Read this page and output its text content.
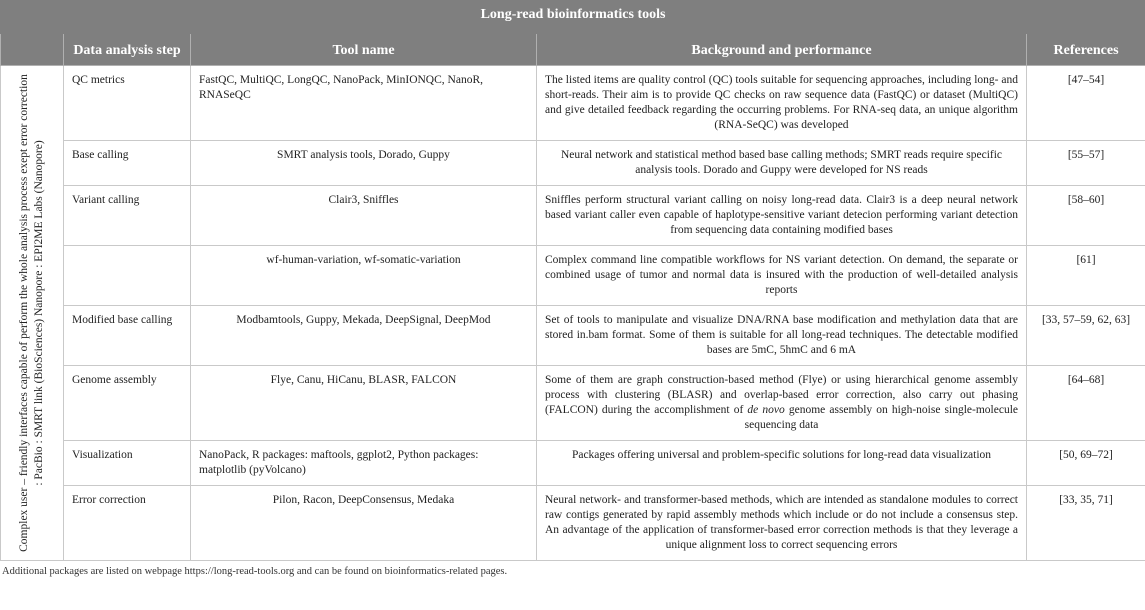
Long-read bioinformatics tools				
	Data analysis step	Tool name	Background and performance	References

Complex user – friendly interfaces capable of perform the whole analysis process exept error correction : PacBio : SMRT link (BioSciences) Nanopore : EPI2ME Labs (Nanopore)	QC metrics	FastQC, MultiQC, LongQC, NanoPack, MinIONQC, NanoR, RNASeQC	The listed items are quality control (QC) tools suitable for sequencing approaches, including long- and short-reads. Their aim is to provide QC checks on raw sequence data (FastQC) or dataset (MultiQC) and give detailed feedback regarding the occurring problems. For RNA-seq data, an unique algorithm (RNA-SeQC) was developed	[47–54]
	Base calling	SMRT analysis tools, Dorado, Guppy	Neural network and statistical method based base calling methods; SMRT reads require specific analysis tools. Dorado and Guppy were developed for NS reads	[55–57]
	Variant calling	Clair3, Sniffles	Sniffles perform structural variant calling on noisy long-read data. Clair3 is a deep neural network based variant caller even capable of haplotype-sensitive variant detecion performing variant detection from sequencing data containing modified bases	[58–60]
		wf-human-variation, wf-somatic-variation	Complex command line compatible workflows for NS variant detection. On demand, the separate or combined usage of tumor and normal data is insured with the production of well-detailed analysis reports	[61]
	Modified base calling	Modbamtools, Guppy, Mekada, DeepSignal, DeepMod	Set of tools to manipulate and visualize DNA/RNA base modification and methylation data that are stored in.bam format. Some of them is suitable for all long-read techniques. The detectable modified bases are 5mC, 5hmC and 6 mA	[33, 57–59, 62, 63]
	Genome assembly	Flye, Canu, HiCanu, BLASR, FALCON	Some of them are graph construction-based method (Flye) or using hierarchical genome assembly process with clustering (BLASR) and overlap-based error correction, also carry out phasing (FALCON) during the accomplishment of de novo genome assembly on high-noise single-molecule sequencing data	[64–68]
	Visualization	NanoPack, R packages: maftools, ggplot2, Python packages: matplotlib (pyVolcano)	Packages offering universal and problem-specific solutions for long-read data visualization	[50, 69–72]
	Error correction	Pilon, Racon, DeepConsensus, Medaka	Neural network- and transformer-based methods, which are intended as standalone modules to correct raw contigs generated by rapid assembly methods which include or do not include a consensus step. An advantage of the application of transformer-based error correction methods is that they leverage a unique alignment loss to correct sequencing errors	[33, 35, 71]
Additional packages are listed on webpage https://long-read-tools.org and can be found on bioinformatics-related pages.
